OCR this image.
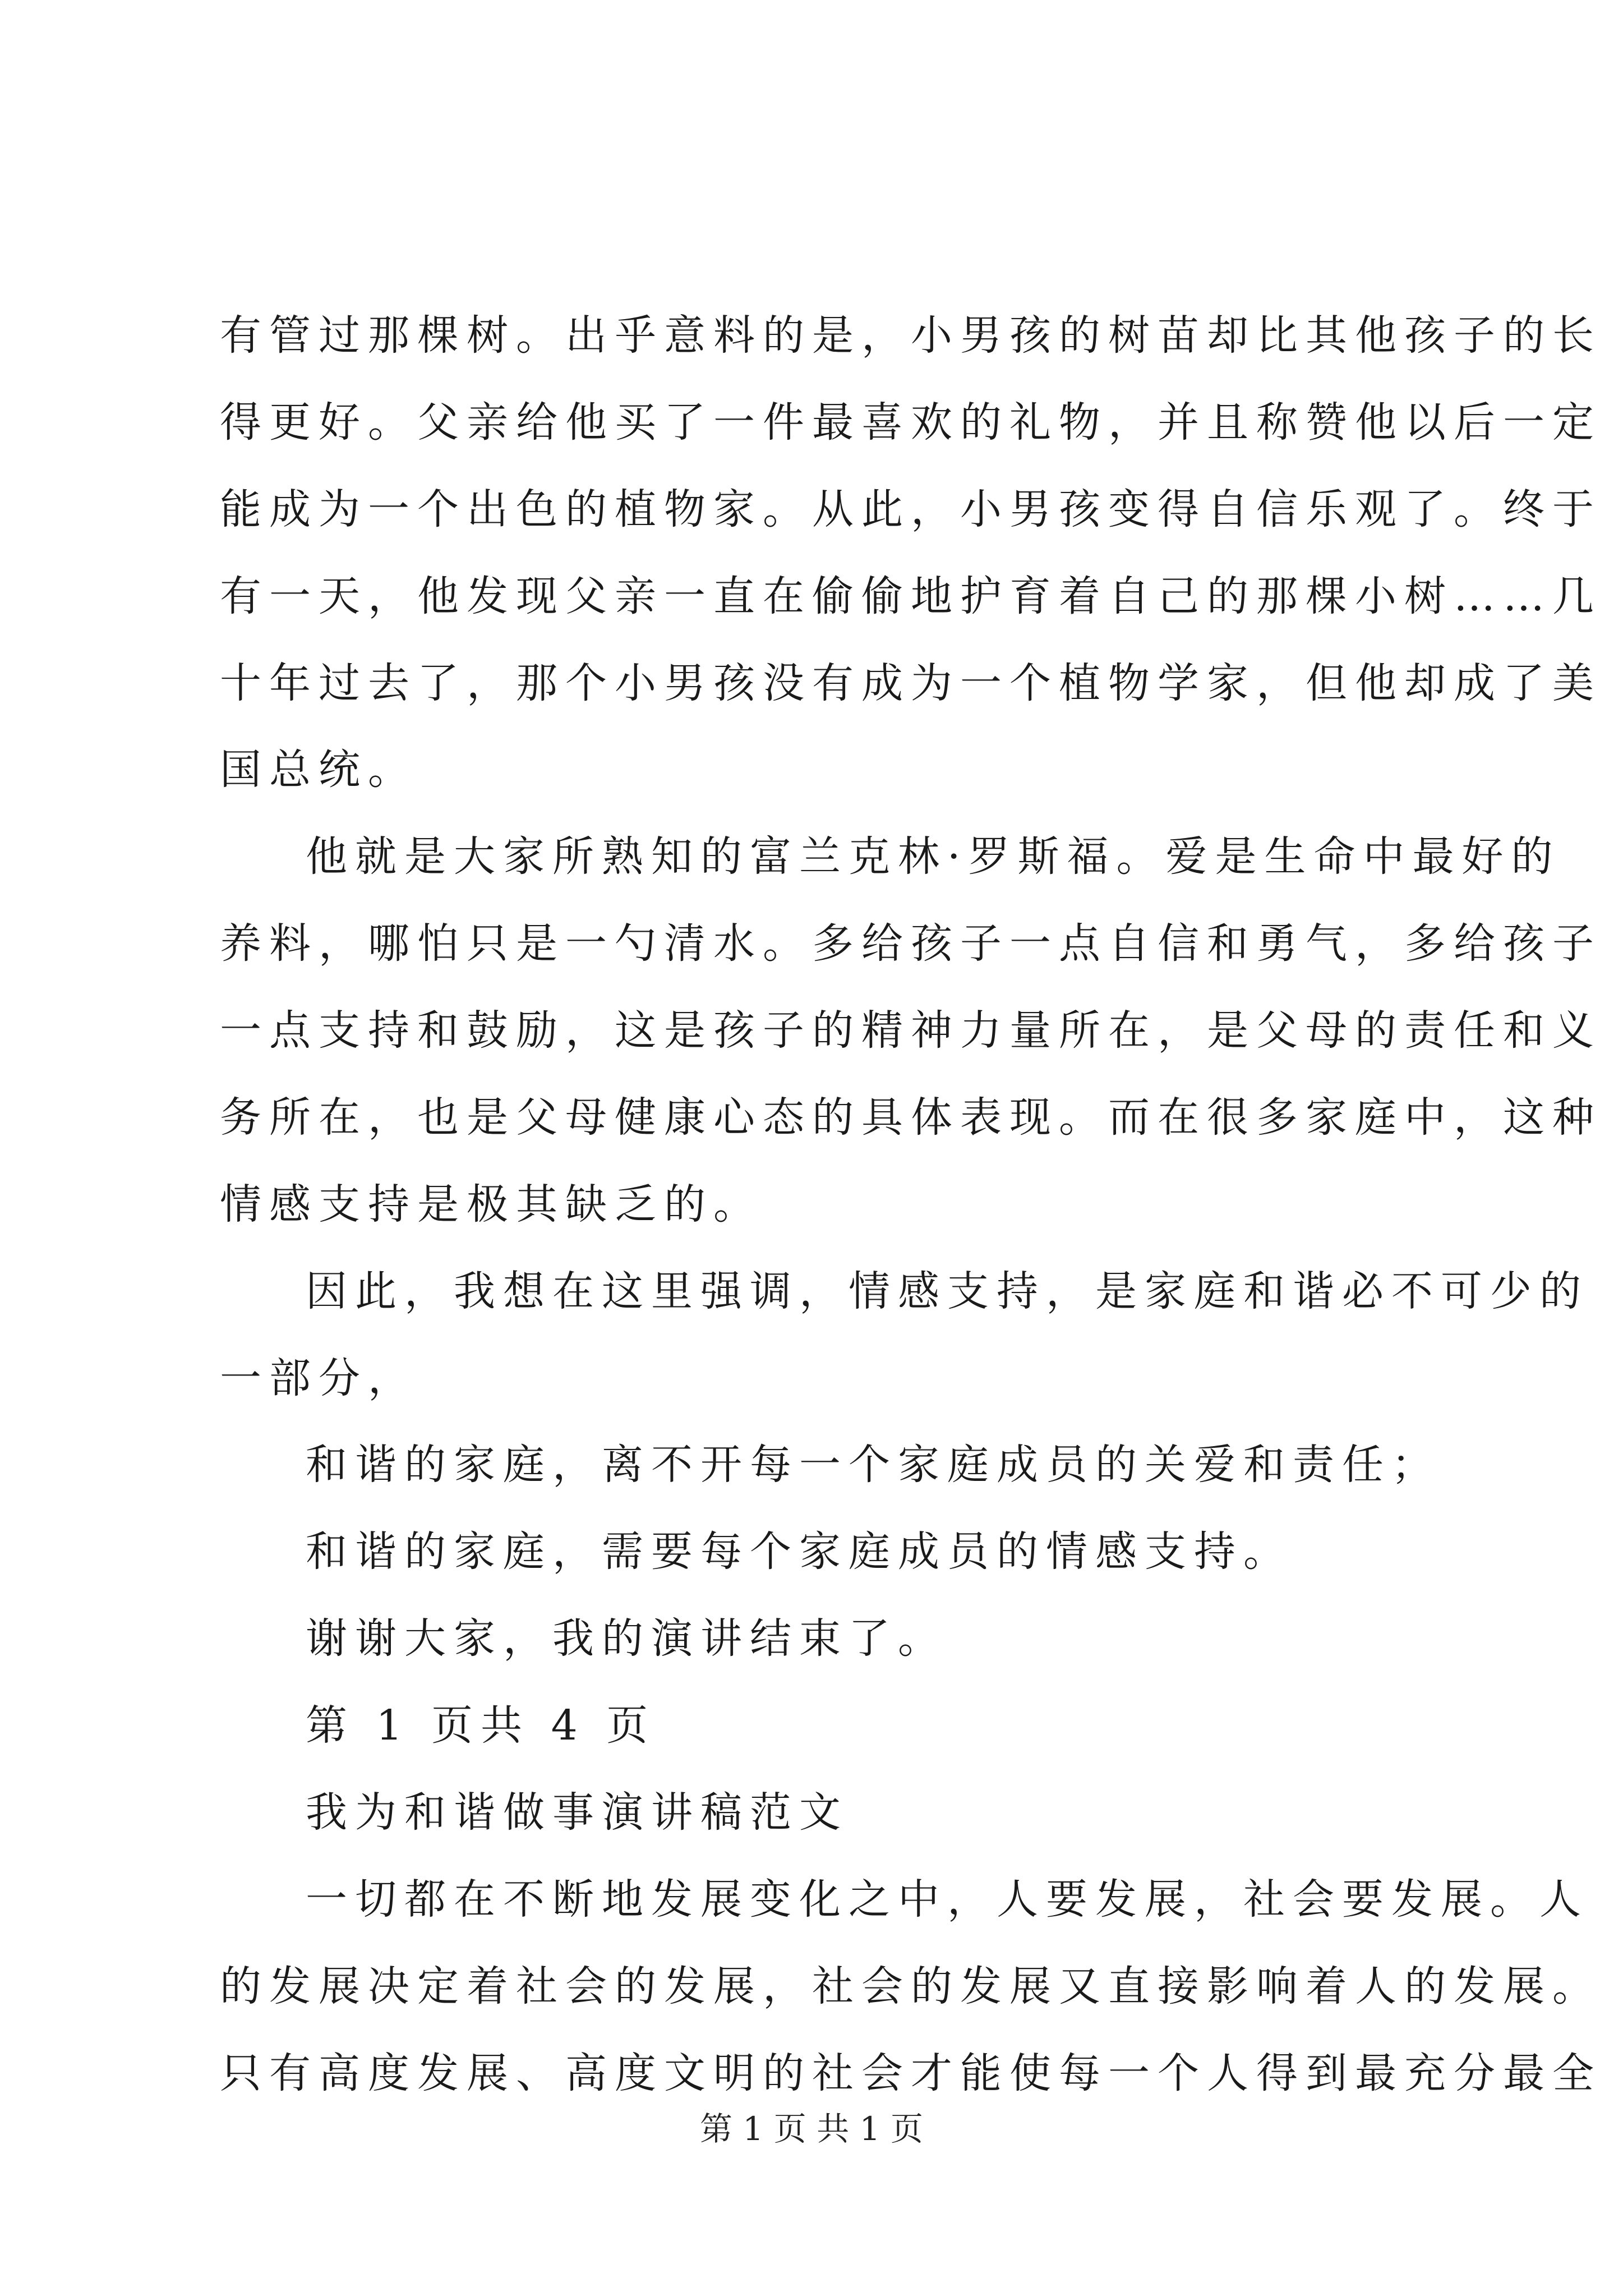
有管过那棵树。出乎意料的是，小男孩的树苗却比其他孩子的长
得更好。父亲给他买了一件最喜欢的礼物，并且称赞他以后一定
能成为一个出色的植物家。从此，小男孩变得自信乐观了。终于
有一天，他发现父亲一直在偷偷地护育着自己的那棵小树……几
十年过去了，那个小男孩没有成为一个植物学家，但他却成了美
国总统。
他就是大家所熟知的富兰克林·罗斯福。爱是生命中最好的
养料，哪怕只是一勺清水。多给孩子一点自信和勇气，多给孩子
一点支持和鼓励，这是孩子的精神力量所在，是父母的责任和义
务所在，也是父母健康心态的具体表现。而在很多家庭中，这种
情感支持是极其缺乏的。
因此，我想在这里强调，情感支持，是家庭和谐必不可少的
一部分，
和谐的家庭，离不开每一个家庭成员的关爱和责任；
和谐的家庭，需要每个家庭成员的情感支持。
谢谢大家，我的演讲结束了。
第 1 页共 4 页
我为和谐做事演讲稿范文
一切都在不断地发展变化之中，人要发展，社会要发展。人
的发展决定着社会的发展，社会的发展又直接影响着人的发展。
只有高度发展、高度文明的社会才能使每一个人得到最充分最全
第 1 页 共 1 页
